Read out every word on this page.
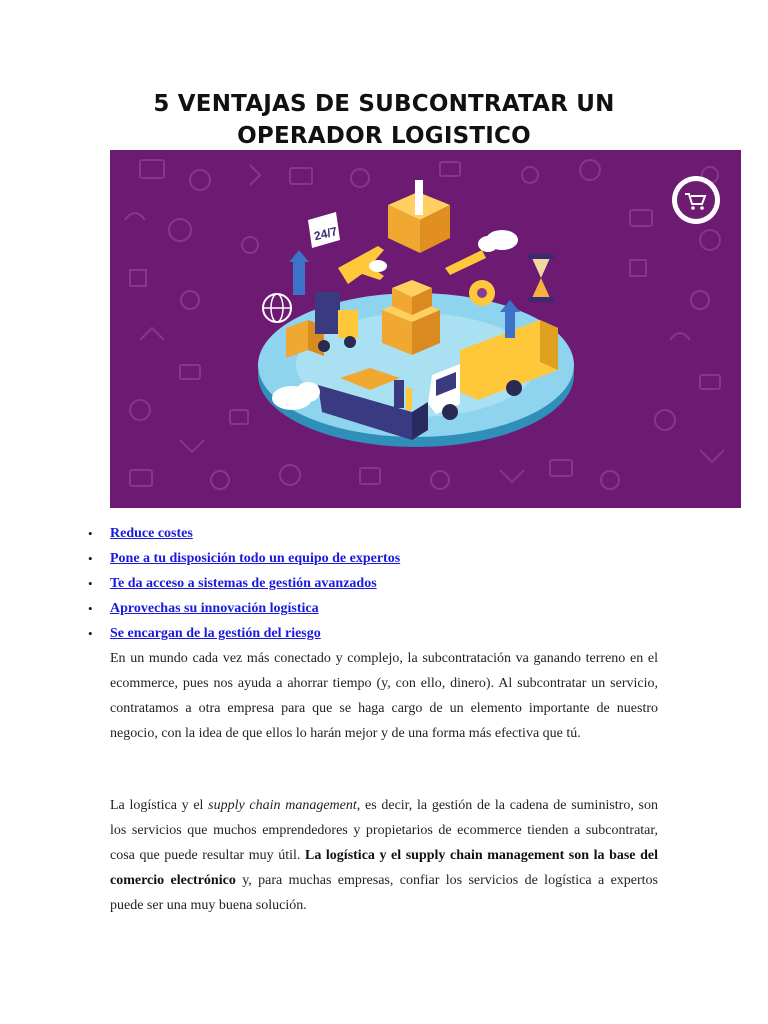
5 VENTAJAS DE SUBCONTRATAR UN
OPERADOR LOGISTICO
24/7
• Reduce costes
• Pone a tu disposición todo un equipo de expertos
• Te da acceso a sistemas de gestión avanzados
• Aprovechas su innovación logística
• Se encargan de la gestión del riesgo

En un mundo cada vez más conectado y complejo, la subcontratación va ganando terreno en el ecommerce, pues nos ayuda a ahorrar tiempo (y, con ello, dinero). Al subcontratar un servicio, contratamos a otra empresa para que se haga cargo de un elemento importante de nuestro negocio, con la idea de que ellos lo harán mejor y de una forma más efectiva que tú.

La logística y el supply chain management, es decir, la gestión de la cadena de suministro, son los servicios que muchos emprendedores y propietarios de ecommerce tienden a subcontratar, cosa que puede resultar muy útil. La logística y el supply chain management son la base del comercio electrónico y, para muchas empresas, confiar los servicios de logística a expertos puede ser una muy buena solución.
